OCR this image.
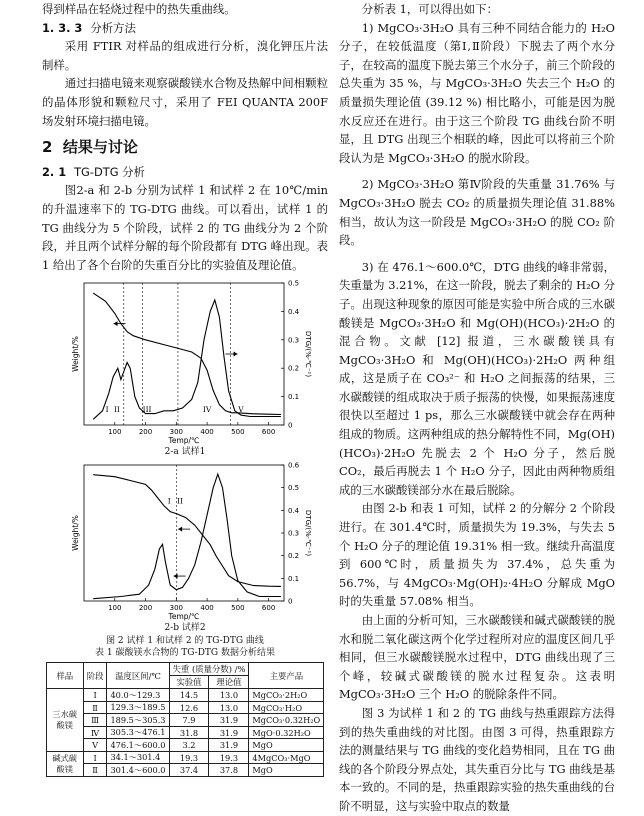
得到样品在轻烧过程中的热失重曲线。

1. 3. 3 分析方法

采用 FTIR 对样品的组成进行分析，溴化钾压片法制样。

通过扫描电镜来观察碳酸镁水合物及热解中间相颗粒的晶体形貌和颗粒尺寸，采用了 FEI QUANTA 200F 场发射环境扫描电镜。

2 结果与讨论
2. 1 TG-DTG 分析

图2-a 和 2-b 分别为试样 1 和试样 2 在 10℃/min 的升温速率下的 TG-DTG 曲线。可以看出，试样 1 的 TG 曲线分为 5 个阶段，试样 2 的 TG 曲线分为 2 个阶段，并且两个试样分解的每个阶段都有 DTG 峰出现。表 1 给出了各个台阶的失重百分比的实验值及理论值。

100 200 300 400 500 600
0
0.1
0.2
0.3
0.4
0.5
Temp/℃
Weight/%	DTG/(%·℃⁻¹)
I II	III	IV	V
2-a 试样1
100 200 300 400 500 600
0
0.1
0.2
0.3
0.4
0.5
0.6
Temp/℃
Weight/%	DTG/(%·℃⁻¹)
I II
2-b 试样2
图 2 试样 1 和试样 2 的 TG-DTG 曲线
表 1 碳酸镁水合物的 TG-DTG 数据分析结果
样品	阶段	温度区间/℃	失重 (质量分数) /%		主要产品
			实验值	理论值	
三水碳酸镁	Ⅰ	40.0～129.3	14.5	13.0	MgCO₃·2H₂O
	Ⅱ	129.3～189.5	12.6	13.0	MgCO₃·H₂O
	Ⅲ	189.5～305.3	7.9	31.9	MgCO₃·0.32H₂O
	Ⅳ	305.3～476.1	31.8	31.9	MgO·0.32H₂O
	Ⅴ	476.1～600.0	3.2	31.9	MgO
碱式碳酸镁	Ⅰ	34.1～301.4	19.3	19.3	4MgCO₃·MgO
	Ⅱ	301.4～600.0	37.4	37.8	MgO

分析表 1，可以得出如下：

1) MgCO₃·3H₂O 具有三种不同结合能力的 H₂O 分子，在较低温度（第Ⅰ,Ⅱ阶段）下脱去了两个水分子，在较高的温度下脱去第三个水分子，前三个阶段的总失重为 35 %，与 MgCO₃·3H₂O 失去三个 H₂O 的质量损失理论值 (39.12 %) 相比略小，可能是因为脱水反应还在进行。由于这三个阶段 TG 曲线台阶不明显，且 DTG 出现三个相联的峰，因此可以将前三个阶段认为是 MgCO₃·3H₂O 的脱水阶段。

2) MgCO₃·3H₂O 第Ⅳ阶段的失重量 31.76% 与 MgCO₃·3H₂O 脱去 CO₂ 的质量损失理论值 31.88% 相当，故认为这一阶段是 MgCO₃·3H₂O 的脱 CO₂ 阶段。

3) 在 476.1～600.0℃，DTG 曲线的峰非常弱，失重量为 3.21%，在这一阶段，脱去了剩余的 H₂O 分子。出现这种现象的原因可能是实验中所合成的三水碳酸镁是 MgCO₃·3H₂O 和 Mg(OH)(HCO₃)·2H₂O 的混合物。文献 [12] 报道，三水碳酸镁具有 MgCO₃·3H₂O 和 Mg(OH)(HCO₃)·2H₂O 两种组成，这是质子在 CO₃²⁻ 和 H₂O 之间振荡的结果，三水碳酸镁的组成取决于质子振荡的快慢，如果振荡速度很快以至超过 1 ps，那么三水碳酸镁中就会存在两种组成的物质。这两种组成的热分解特性不同，Mg(OH)(HCO₃)·2H₂O 先脱去 2 个 H₂O 分子，然后脱 CO₂，最后再脱去 1 个 H₂O 分子，因此由两种物质组成的三水碳酸镁部分水在最后脱除。

由图 2-b 和表 1 可知，试样 2 的分解分 2 个阶段进行。在 301.4℃时，质量损失为 19.3%，与失去 5 个 H₂O 分子的理论值 19.31% 相一致。继续升高温度到 600℃时，质量损失为 37.4%，总失重为 56.7%，与 4MgCO₃·Mg(OH)₂·4H₂O 分解成 MgO 时的失重量 57.08% 相当。

由上面的分析可知，三水碳酸镁和碱式碳酸镁的脱水和脱二氧化碳这两个化学过程所对应的温度区间几乎相同，但三水碳酸镁脱水过程中，DTG 曲线出现了三个峰，较碱式碳酸镁的脱水过程复杂。这表明 MgCO₃·3H₂O 三个 H₂O 的脱除条件不同。

图 3 为试样 1 和 2 的 TG 曲线与热重跟踪方法得到的热失重曲线的对比图。由图 3 可得，热重跟踪方法的测量结果与 TG 曲线的变化趋势相同，且在 TG 曲线的各个阶段分界点处，其失重百分比与 TG 曲线是基本一致的。不同的是，热重跟踪实验的热失重曲线的台阶不明显，这与实验中取点的数量
